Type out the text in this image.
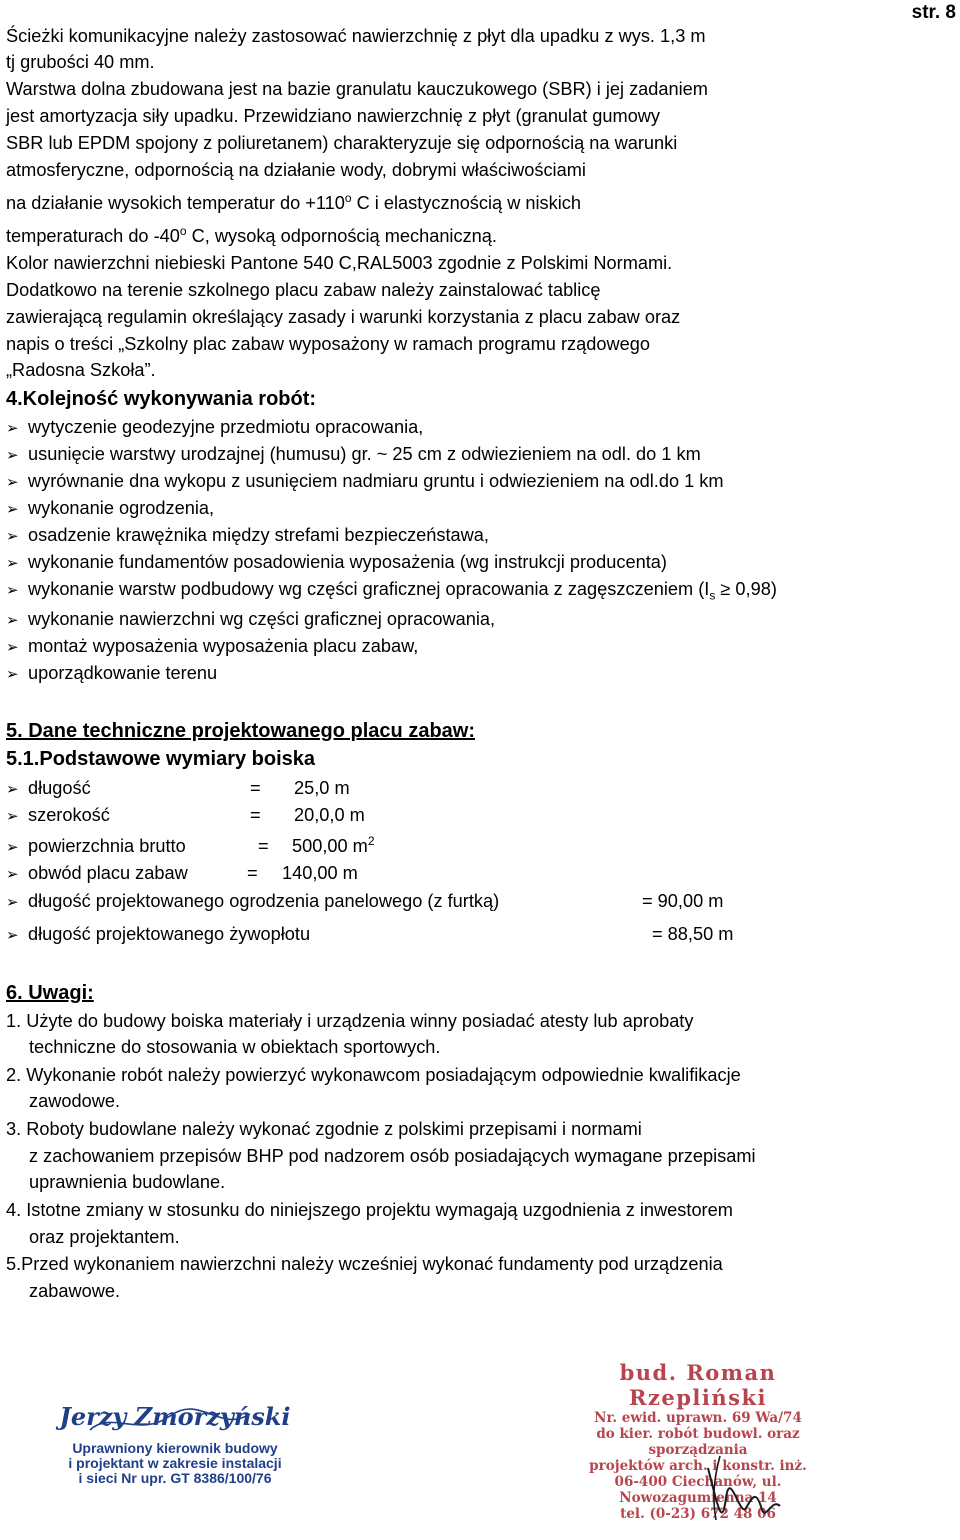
str. 8
Ścieżki komunikacyjne należy zastosować nawierzchnię z płyt dla upadku z wys. 1,3 m
tj grubości 40 mm.
Warstwa dolna zbudowana jest na bazie granulatu kauczukowego (SBR) i jej zadaniem
jest amortyzacja siły upadku. Przewidziano nawierzchnię z płyt (granulat gumowy
SBR lub EPDM spojony z poliuretanem) charakteryzuje się odpornością na warunki
atmosferyczne, odpornością na działanie wody, dobrymi właściwościami
na działanie wysokich temperatur do $+110^o$ C i elastycznością w niskich
temperaturach do -40$^o$ C, wysoką odpornością mechaniczną.
Kolor nawierzchni niebieski Pantone 540 C,RAL5003 zgodnie z Polskimi Normami.
Dodatkowo na terenie szkolnego placu zabaw należy zainstalować tablicę
zawierającą regulamin określający zasady i warunki korzystania z placu zabaw oraz
napis o treści „Szkolny plac zabaw wyposażony w ramach programu rządowego
„Radosna Szkoła”.
4.Kolejność wykonywania robót:
➢ wytyczenie geodezyjne przedmiotu opracowania,
➢ usunięcie warstwy urodzajnej (humusu) gr. ~ 25 cm z odwiezieniem na odl. do 1 km
➢ wyrównanie dna wykopu z usunięciem nadmiaru gruntu i odwiezieniem na odl.do 1 km
➢ wykonanie ogrodzenia,
➢ osadzenie krawężnika między strefami bezpieczeństawa,
➢ wykonanie fundamentów posadowienia wyposażenia (wg instrukcji producenta)
➢ wykonanie warstw podbudowy wg części graficznej opracowania z zagęszczeniem $(I_s \ge 0,98)$
➢ wykonanie nawierzchni wg części graficznej opracowania,
➢ montaż wyposażenia wyposażenia placu zabaw,
➢ uporządkowanie terenu
5. Dane techniczne projektowanego placu zabaw:
5.1.Podstawowe wymiary boiska
➢ długość	= 25,0 m
➢ szerokość	= 20,0,0 m
➢ powierzchnia brutto	= 500,00 $m^2$
➢ obwód placu zabaw	= 140,00 m
➢ długość projektowanego ogrodzenia panelowego (z furtką)	= 90,00 m
➢ długość projektowanego żywopłotu	= 88,50 m
6. Uwagi:
1. Użyte do budowy boiska materiały i urządzenia winny posiadać atesty lub aprobaty
techniczne do stosowania w obiektach sportowych.
2. Wykonanie robót należy powierzyć wykonawcom posiadającym odpowiednie kwalifikacje
zawodowe.
3. Roboty budowlane należy wykonać zgodnie z polskimi przepisami i normami
z zachowaniem przepisów BHP pod nadzorem osób posiadających wymagane przepisami
uprawnienia budowlane.
4. Istotne zmiany w stosunku do niniejszego projektu wymagają uzgodnienia z inwestorem
oraz projektantem.
5.Przed wykonaniem nawierzchni należy wcześniej wykonać fundamenty pod urządzenia
zabawowe.
Jerzy Zmorzyński
Uprawniony kierownik budowy
i projektant w zakresie instalacji
i sieci Nr upr. GT 8386/100/76
bud. Roman Rzepliński
Nr. ewid. uprawn. 69 Wa/74
do kier. robót budowl. oraz sporządzania
projektów arch. i konstr. inż.
06-400 Ciechanów, ul. Nowozagumienna 14
tel. (0-23) 672 48 06
